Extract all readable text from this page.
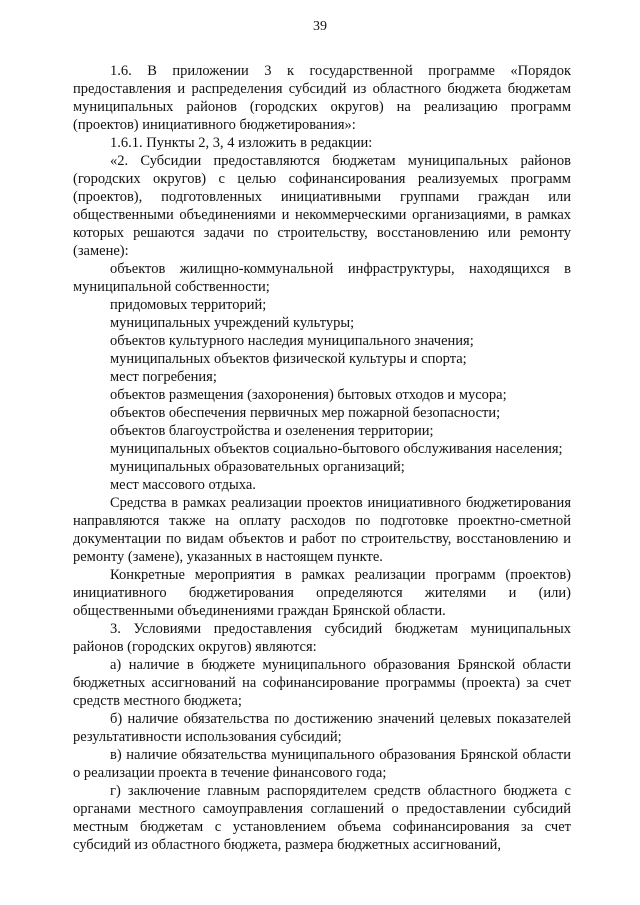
39

1.6. В приложении 3 к государственной программе «Порядок предоставления и распределения субсидий из областного бюджета бюджетам муниципальных районов (городских округов) на реализацию программ (проектов) инициативного бюджетирования»:

1.6.1. Пункты 2, 3, 4 изложить в редакции:

«2. Субсидии предоставляются бюджетам муниципальных районов (городских округов) с целью софинансирования реализуемых программ (проектов), подготовленных инициативными группами граждан или общественными объединениями и некоммерческими организациями, в рамках которых решаются задачи по строительству, восстановлению или ремонту (замене):

объектов жилищно-коммунальной инфраструктуры, находящихся в муниципальной собственности;

придомовых территорий;

муниципальных учреждений культуры;

объектов культурного наследия муниципального значения;

муниципальных объектов физической культуры и спорта;

мест погребения;

объектов размещения (захоронения) бытовых отходов и мусора;

объектов обеспечения первичных мер пожарной безопасности;

объектов благоустройства и озеленения территории;

муниципальных объектов социально-бытового обслуживания населения;

муниципальных образовательных организаций;

мест массового отдыха.

Средства в рамках реализации проектов инициативного бюджетирования направляются также на оплату расходов по подготовке проектно-сметной документации по видам объектов и работ по строительству, восстановлению и ремонту (замене), указанных в настоящем пункте.

Конкретные мероприятия в рамках реализации программ (проектов) инициативного бюджетирования определяются жителями и (или) общественными объединениями граждан Брянской области.

3. Условиями предоставления субсидий бюджетам муниципальных районов (городских округов) являются:

а) наличие в бюджете муниципального образования Брянской области бюджетных ассигнований на софинансирование программы (проекта) за счет средств местного бюджета;

б) наличие обязательства по достижению значений целевых показателей результативности использования субсидий;

в) наличие обязательства муниципального образования Брянской области о реализации проекта в течение финансового года;

г) заключение главным распорядителем средств областного бюджета с органами местного самоуправления соглашений о предоставлении субсидий местным бюджетам с установлением объема софинансирования за счет субсидий из областного бюджета, размера бюджетных ассигнований,
